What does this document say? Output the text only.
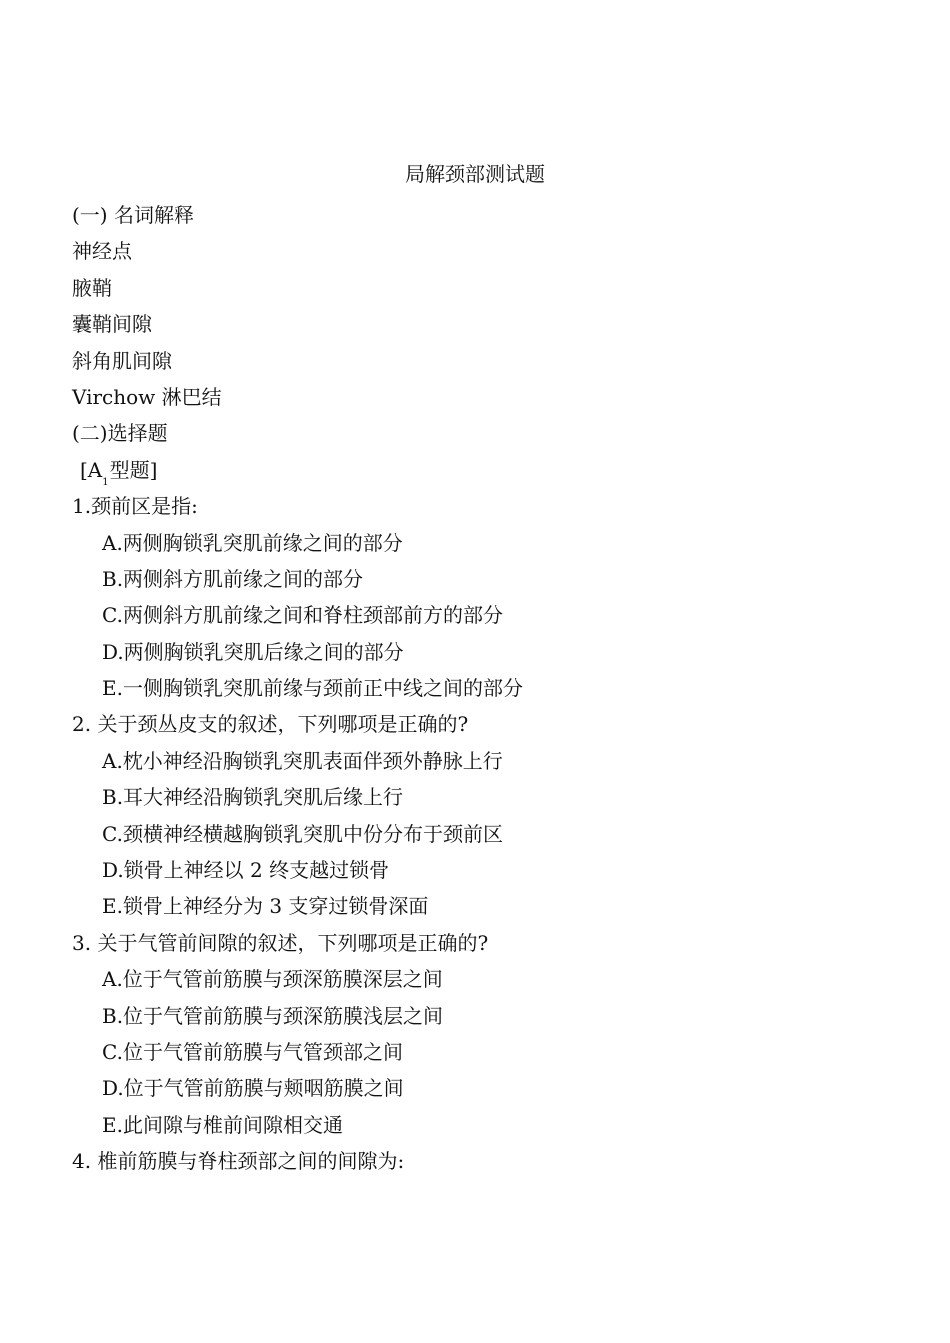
局解颈部测试题
(一) 名词解释
神经点
腋鞘
囊鞘间隙
斜角肌间隙
Virchow 淋巴结
(二)选择题
[$A_1$型题]
1.颈前区是指:
A.两侧胸锁乳突肌前缘之间的部分
B.两侧斜方肌前缘之间的部分
C.两侧斜方肌前缘之间和脊柱颈部前方的部分
D.两侧胸锁乳突肌后缘之间的部分
E.一侧胸锁乳突肌前缘与颈前正中线之间的部分
2. 关于颈丛皮支的叙述，下列哪项是正确的?
A.枕小神经沿胸锁乳突肌表面伴颈外静脉上行
B.耳大神经沿胸锁乳突肌后缘上行
C.颈横神经横越胸锁乳突肌中份分布于颈前区
D.锁骨上神经以 2 终支越过锁骨
E.锁骨上神经分为 3 支穿过锁骨深面
3. 关于气管前间隙的叙述，下列哪项是正确的?
A.位于气管前筋膜与颈深筋膜深层之间
B.位于气管前筋膜与颈深筋膜浅层之间
C.位于气管前筋膜与气管颈部之间
D.位于气管前筋膜与颊咽筋膜之间
E.此间隙与椎前间隙相交通
4. 椎前筋膜与脊柱颈部之间的间隙为:
